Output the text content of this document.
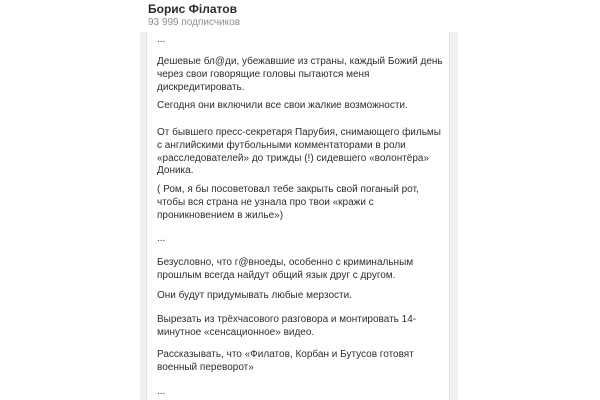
Борис Філатов
93 999 подписчиков

...

Дешевые бл@ди, убежавшие из страны, каждый Божий день через свои говорящие головы пытаются меня дискредитировать.

Сегодня они включили все свои жалкие возможности.

От бывшего пресс-секретаря Парубия, снимающего фильмы с английскими футбольными комментаторами в роли «расследователей» до трижды (!) сидевшего «волонтёра» Доника.

( Ром, я бы посоветовал тебе закрыть свой поганый рот, чтобы вся страна не узнала про твои «кражи с проникновением в жилье»)

...

Безусловно, что г@вноеды, особенно с криминальным прошлым всегда найдут общий язык друг с другом.

Они будут придумывать любые мерзости.

Вырезать из трёхчасового разговора и монтировать 14-минутное «сенсационное» видео.

Рассказывать, что «Филатов, Корбан и Бутусов готовят военный переворот»

...
